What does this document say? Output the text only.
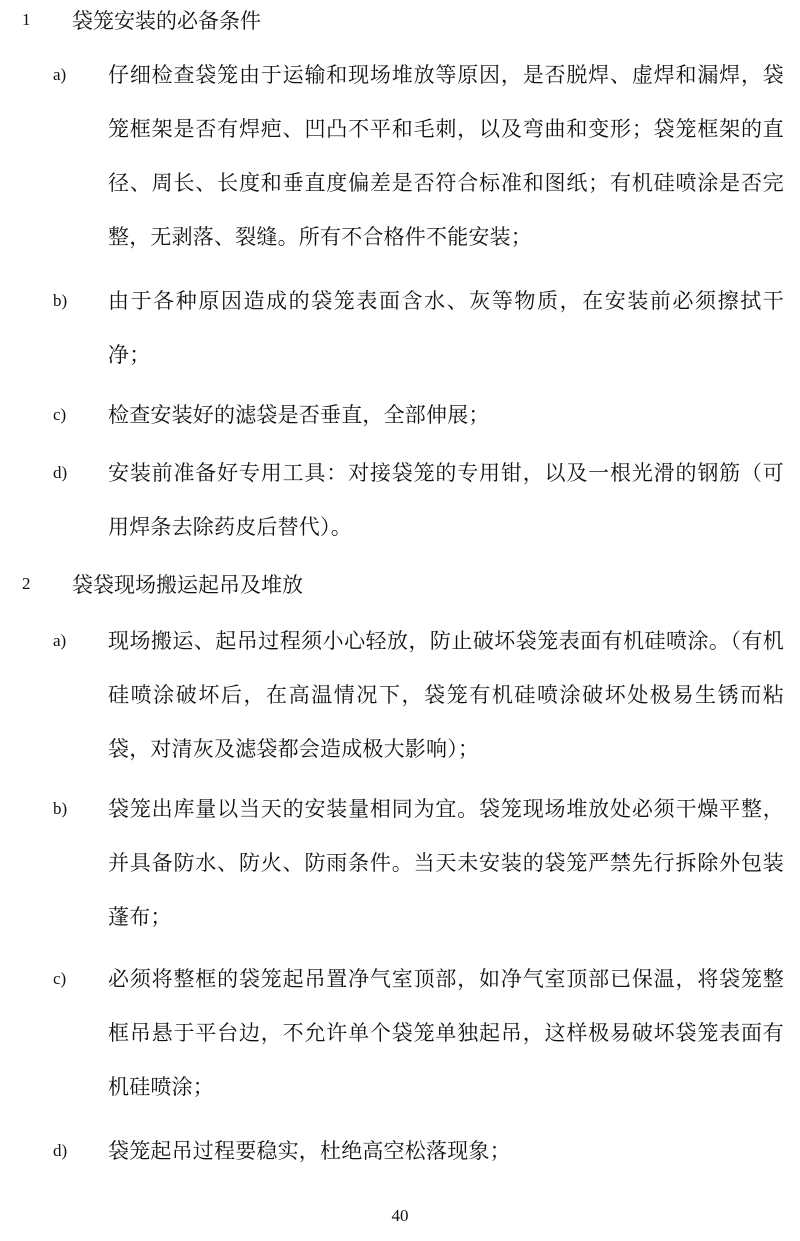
1	袋笼安装的必备条件
a) 仔细检查袋笼由于运输和现场堆放等原因，是否脱焊、虚焊和漏焊，袋笼框架是否有焊疤、凹凸不平和毛刺，以及弯曲和变形；袋笼框架的直径、周长、长度和垂直度偏差是否符合标准和图纸；有机硅喷涂是否完整，无剥落、裂缝。所有不合格件不能安装；
b) 由于各种原因造成的袋笼表面含水、灰等物质，在安装前必须擦拭干净；
c) 检查安装好的滤袋是否垂直，全部伸展；
d) 安装前准备好专用工具：对接袋笼的专用钳，以及一根光滑的钢筋（可用焊条去除药皮后替代）。
2	袋袋现场搬运起吊及堆放
a) 现场搬运、起吊过程须小心轻放，防止破坏袋笼表面有机硅喷涂。（有机硅喷涂破坏后，在高温情况下，袋笼有机硅喷涂破坏处极易生锈而粘袋，对清灰及滤袋都会造成极大影响）；
b) 袋笼出库量以当天的安装量相同为宜。袋笼现场堆放处必须干燥平整，并具备防水、防火、防雨条件。当天未安装的袋笼严禁先行拆除外包装蓬布；
c) 必须将整框的袋笼起吊置净气室顶部，如净气室顶部已保温，将袋笼整框吊悬于平台边，不允许单个袋笼单独起吊，这样极易破坏袋笼表面有机硅喷涂；
d) 袋笼起吊过程要稳实，杜绝高空松落现象；
40
